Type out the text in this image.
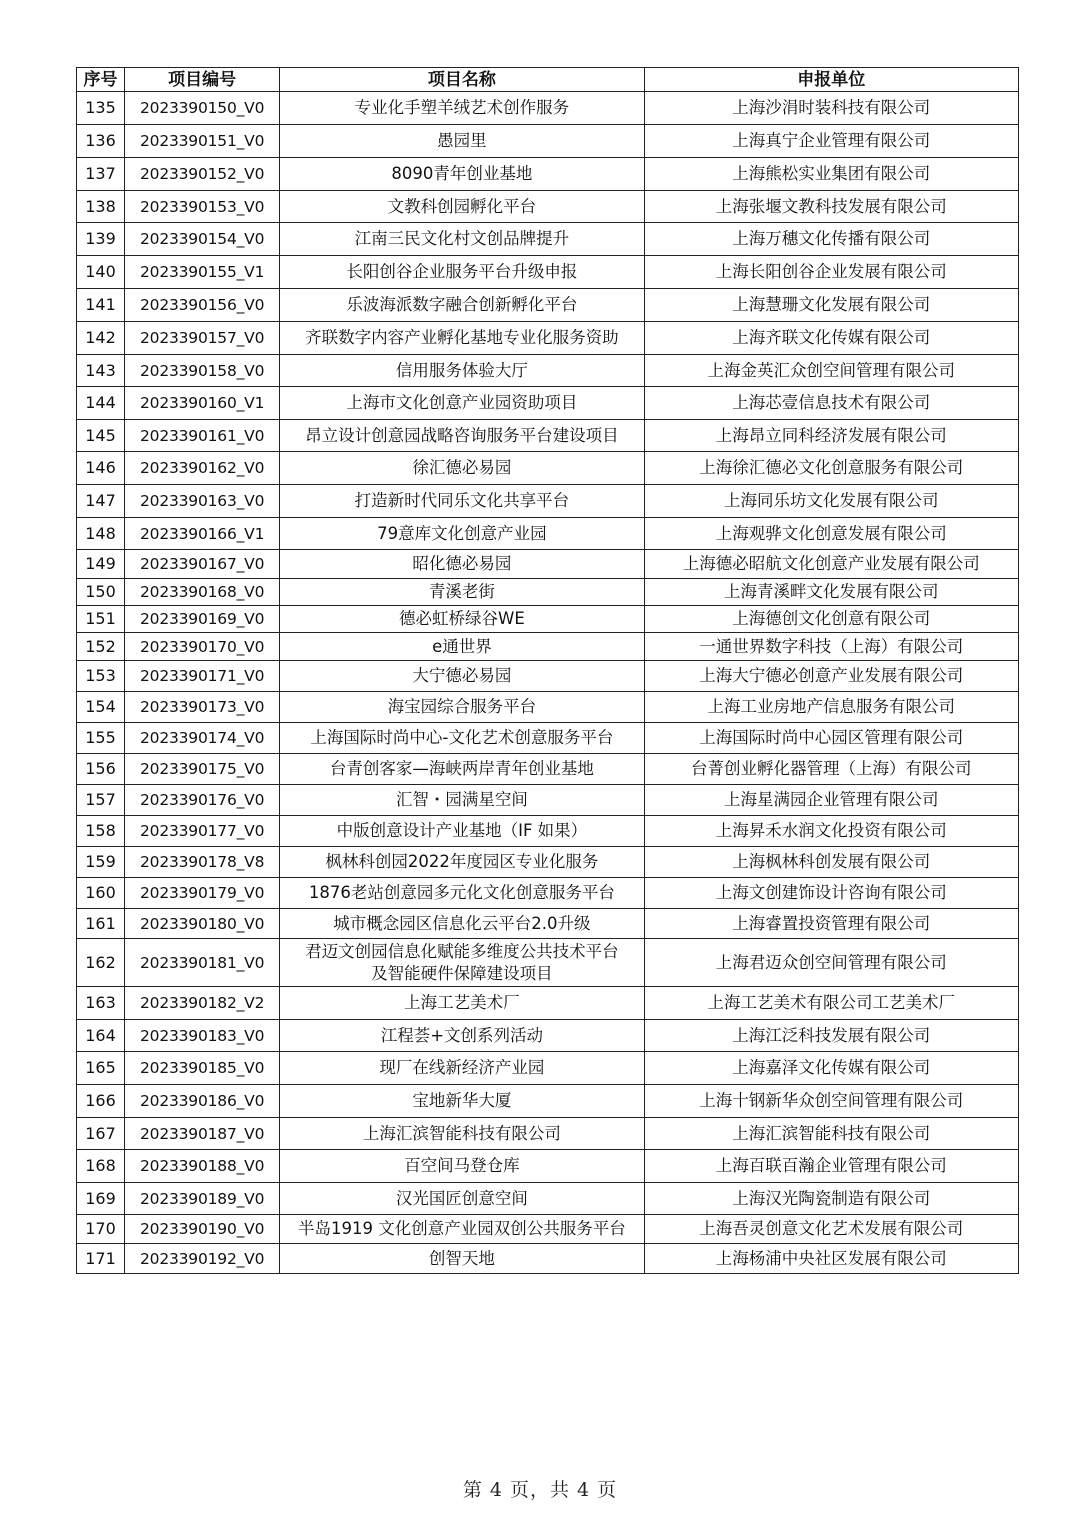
序号	项目编号	项目名称	申报单位
135	2023390150_V0	专业化手塑羊绒艺术创作服务	上海沙涓时装科技有限公司
136	2023390151_V0	愚园里	上海真宁企业管理有限公司
137	2023390152_V0	8090青年创业基地	上海熊松实业集团有限公司
138	2023390153_V0	文教科创园孵化平台	上海张堰文教科技发展有限公司
139	2023390154_V0	江南三民文化村文创品牌提升	上海万穗文化传播有限公司
140	2023390155_V1	长阳创谷企业服务平台升级申报	上海长阳创谷企业发展有限公司
141	2023390156_V0	乐波海派数字融合创新孵化平台	上海慧珊文化发展有限公司
142	2023390157_V0	齐联数字内容产业孵化基地专业化服务资助	上海齐联文化传媒有限公司
143	2023390158_V0	信用服务体验大厅	上海金英汇众创空间管理有限公司
144	2023390160_V1	上海市文化创意产业园资助项目	上海芯壹信息技术有限公司
145	2023390161_V0	昂立设计创意园战略咨询服务平台建设项目	上海昂立同科经济发展有限公司
146	2023390162_V0	徐汇德必易园	上海徐汇德必文化创意服务有限公司
147	2023390163_V0	打造新时代同乐文化共享平台	上海同乐坊文化发展有限公司
148	2023390166_V1	79意库文化创意产业园	上海观骅文化创意发展有限公司
149	2023390167_V0	昭化德必易园	上海德必昭航文化创意产业发展有限公司
150	2023390168_V0	青溪老街	上海青溪畔文化发展有限公司
151	2023390169_V0	德必虹桥绿谷WE	上海德创文化创意有限公司
152	2023390170_V0	e通世界	一通世界数字科技（上海）有限公司
153	2023390171_V0	大宁德必易园	上海大宁德必创意产业发展有限公司
154	2023390173_V0	海宝园综合服务平台	上海工业房地产信息服务有限公司
155	2023390174_V0	上海国际时尚中心-文化艺术创意服务平台	上海国际时尚中心园区管理有限公司
156	2023390175_V0	台青创客家—海峡两岸青年创业基地	台菁创业孵化器管理（上海）有限公司
157	2023390176_V0	汇智・园满星空间	上海星满园企业管理有限公司
158	2023390177_V0	中版创意设计产业基地（IF 如果）	上海昇禾水润文化投资有限公司
159	2023390178_V8	枫林科创园2022年度园区专业化服务	上海枫林科创发展有限公司
160	2023390179_V0	1876老站创意园多元化文化创意服务平台	上海文创建饰设计咨询有限公司
161	2023390180_V0	城市概念园区信息化云平台2.0升级	上海睿置投资管理有限公司
162	2023390181_V0	君迈文创园信息化赋能多维度公共技术平台
及智能硬件保障建设项目	上海君迈众创空间管理有限公司
163	2023390182_V2	上海工艺美术厂	上海工艺美术有限公司工艺美术厂
164	2023390183_V0	江程荟+文创系列活动	上海江泛科技发展有限公司
165	2023390185_V0	现厂在线新经济产业园	上海嘉泽文化传媒有限公司
166	2023390186_V0	宝地新华大厦	上海十钢新华众创空间管理有限公司
167	2023390187_V0	上海汇滨智能科技有限公司	上海汇滨智能科技有限公司
168	2023390188_V0	百空间马登仓库	上海百联百瀚企业管理有限公司
169	2023390189_V0	汉光国匠创意空间	上海汉光陶瓷制造有限公司
170	2023390190_V0	半岛1919 文化创意产业园双创公共服务平台	上海吾灵创意文化艺术发展有限公司
171	2023390192_V0	创智天地	上海杨浦中央社区发展有限公司
第 4 页，共 4 页
